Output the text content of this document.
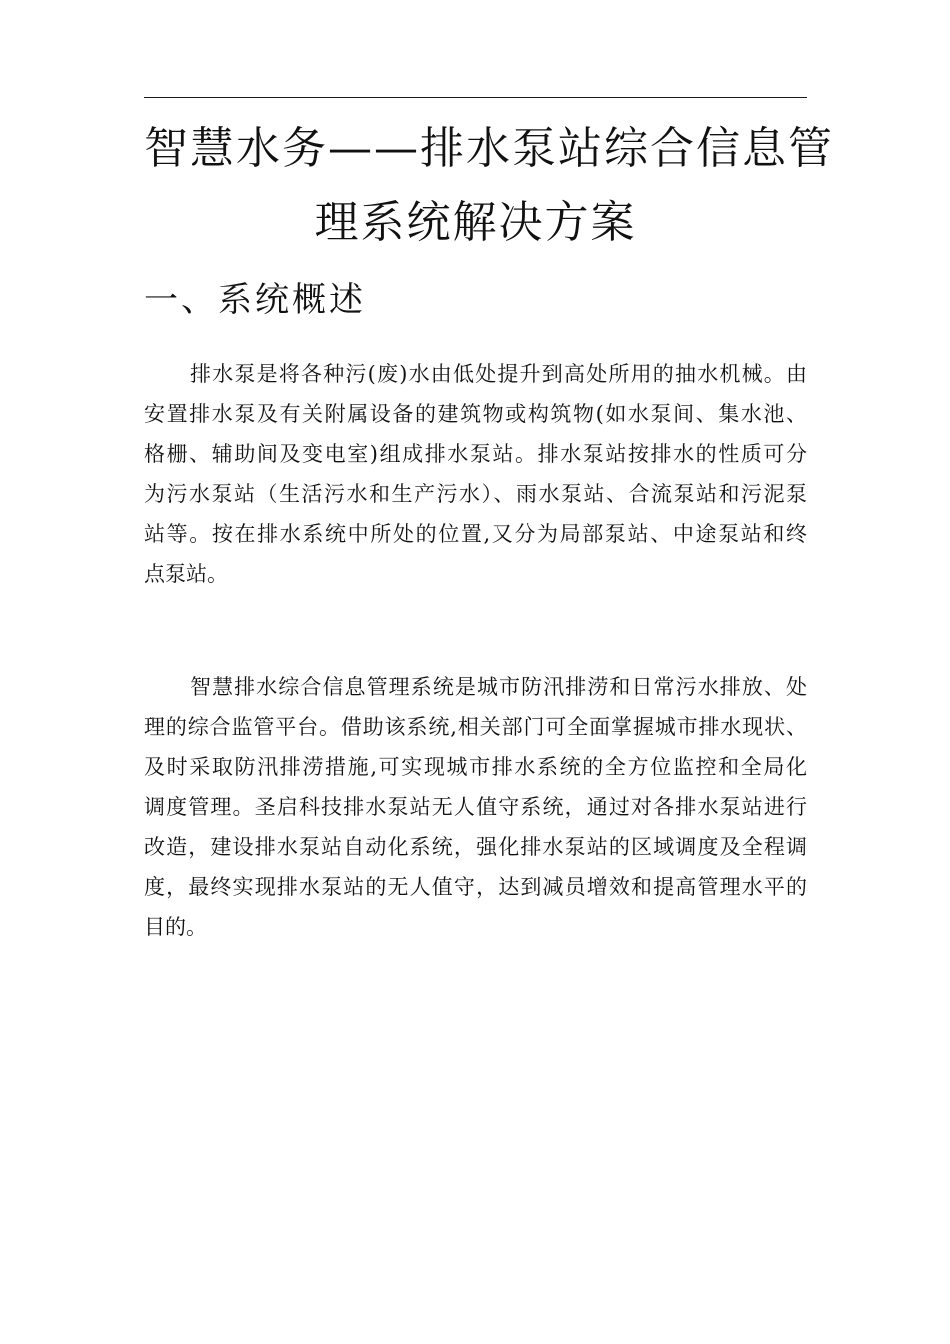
智慧水务——排水泵站综合信息管
理系统解决方案
一、系统概述

排水泵是将各种污(废)水由低处提升到高处所用的抽水机械。由
安置排水泵及有关附属设备的建筑物或构筑物(如水泵间、集水池、
格栅、辅助间及变电室)组成排水泵站。排水泵站按排水的性质可分
为污水泵站（生活污水和生产污水）、雨水泵站、合流泵站和污泥泵
站等。按在排水系统中所处的位置,又分为局部泵站、中途泵站和终
点泵站。

智慧排水综合信息管理系统是城市防汛排涝和日常污水排放、处
理的综合监管平台。借助该系统,相关部门可全面掌握城市排水现状、
及时采取防汛排涝措施,可实现城市排水系统的全方位监控和全局化
调度管理。圣启科技排水泵站无人值守系统，通过对各排水泵站进行
改造，建设排水泵站自动化系统，强化排水泵站的区域调度及全程调
度，最终实现排水泵站的无人值守，达到减员增效和提高管理水平的
目的。
